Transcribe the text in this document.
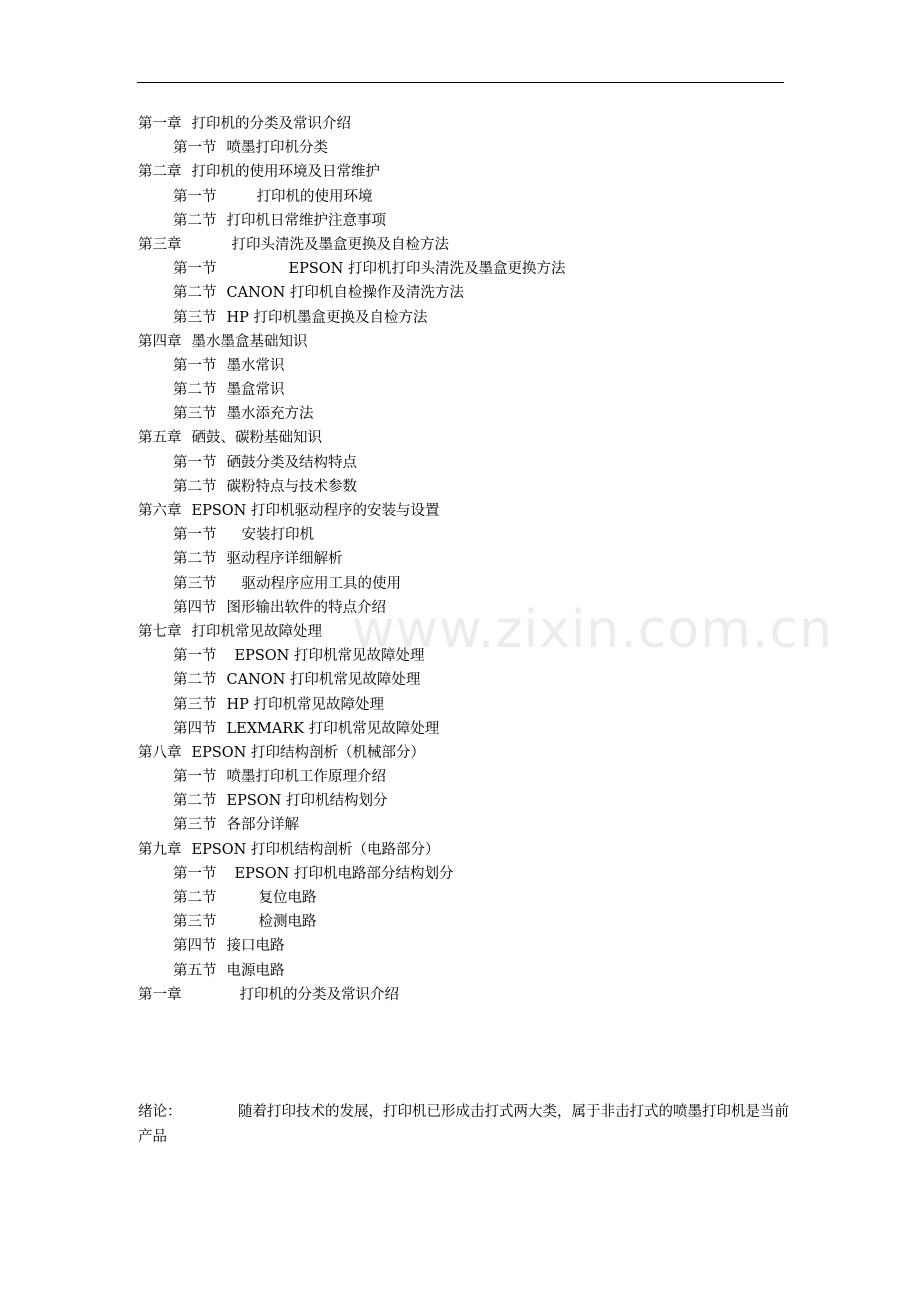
第一章 打印机的分类及常识介绍
第一节 喷墨打印机分类
第二章 打印机的使用环境及日常维护
第一节	打印机的使用环境
第二节 打印机日常维护注意事项
第三章	打印头清洗及墨盒更换及自检方法
第一节	EPSON 打印机打印头清洗及墨盒更换方法
第二节 CANON 打印机自检操作及清洗方法
第三节 HP 打印机墨盒更换及自检方法
第四章 墨水墨盒基础知识
第一节 墨水常识
第二节 墨盒常识
第三节 墨水添充方法
第五章 硒鼓、碳粉基础知识
第一节 硒鼓分类及结构特点
第二节 碳粉特点与技术参数
第六章 EPSON 打印机驱动程序的安装与设置
第一节 安装打印机
第二节 驱动程序详细解析
第三节 驱动程序应用工具的使用
第四节 图形输出软件的特点介绍
第七章 打印机常见故障处理
第一节 EPSON 打印机常见故障处理
第二节 CANON 打印机常见故障处理
第三节 HP 打印机常见故障处理
第四节 LEXMARK 打印机常见故障处理
第八章 EPSON 打印结构剖析（机械部分）
第一节 喷墨打印机工作原理介绍
第二节 EPSON 打印机结构划分
第三节 各部分详解
第九章 EPSON 打印机结构剖析（电路部分）
第一节 EPSON 打印机电路部分结构划分
第二节	复位电路
第三节	检测电路
第四节 接口电路
第五节 电源电路
第一章	打印机的分类及常识介绍
www.zixin.com.cn
绪论：	随着打印技术的发展，打印机已形成击打式两大类，属于非击打式的喷墨打印机是当前产品
